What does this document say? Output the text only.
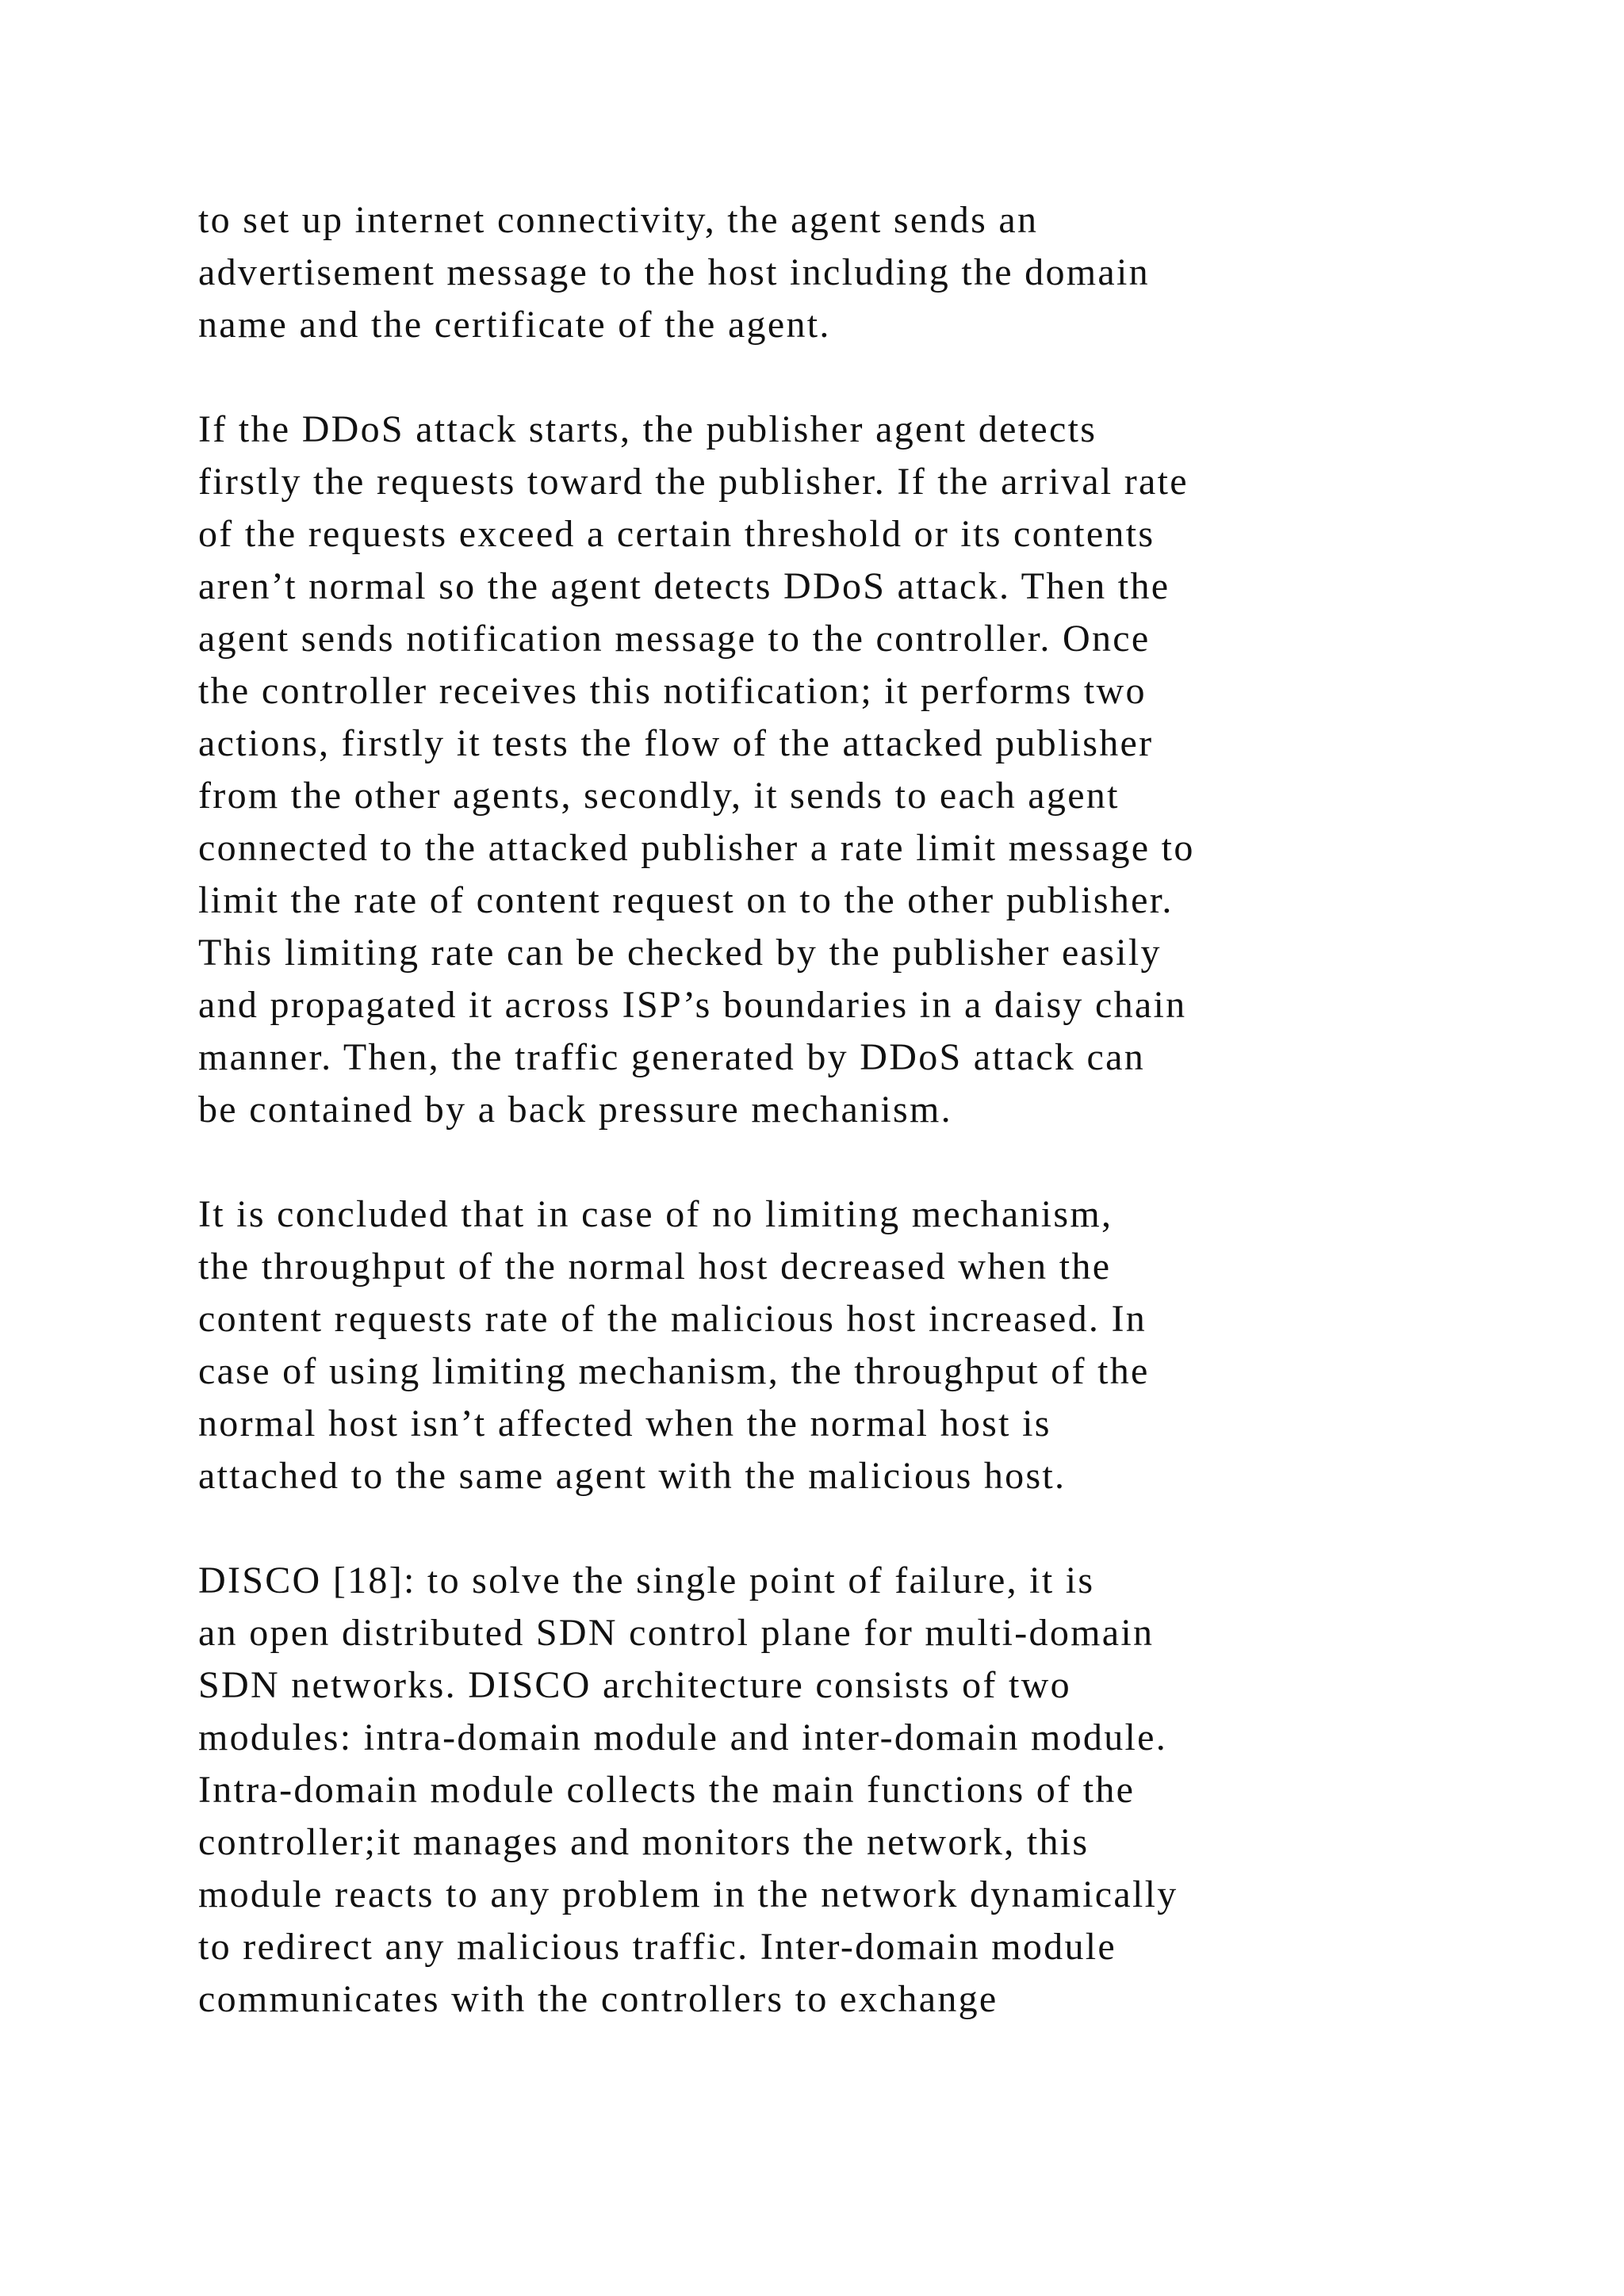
to set up internet connectivity, the agent sends an
advertisement message to the host including the domain
name and the certificate of the agent.

If the DDoS attack starts, the publisher agent detects
firstly the requests toward the publisher. If the arrival rate
of the requests exceed a certain threshold or its contents
aren’t normal so the agent detects DDoS attack. Then the
agent sends notification message to the controller. Once
the controller receives this notification; it performs two
actions, firstly it tests the flow of the attacked publisher
from the other agents, secondly, it sends to each agent
connected to the attacked publisher a rate limit message to
limit the rate of content request on to the other publisher.
This limiting rate can be checked by the publisher easily
and propagated it across ISP’s boundaries in a daisy chain
manner. Then, the traffic generated by DDoS attack can
be contained by a back pressure mechanism.

It is concluded that in case of no limiting mechanism,
the throughput of the normal host decreased when the
content requests rate of the malicious host increased. In
case of using limiting mechanism, the throughput of the
normal host isn’t affected when the normal host is
attached to the same agent with the malicious host.

DISCO [18]: to solve the single point of failure, it is
an open distributed SDN control plane for multi-domain
SDN networks. DISCO architecture consists of two
modules: intra-domain module and inter-domain module.
Intra-domain module collects the main functions of the
controller;it manages and monitors the network, this
module reacts to any problem in the network dynamically
to redirect any malicious traffic. Inter-domain module
communicates with the controllers to exchange
